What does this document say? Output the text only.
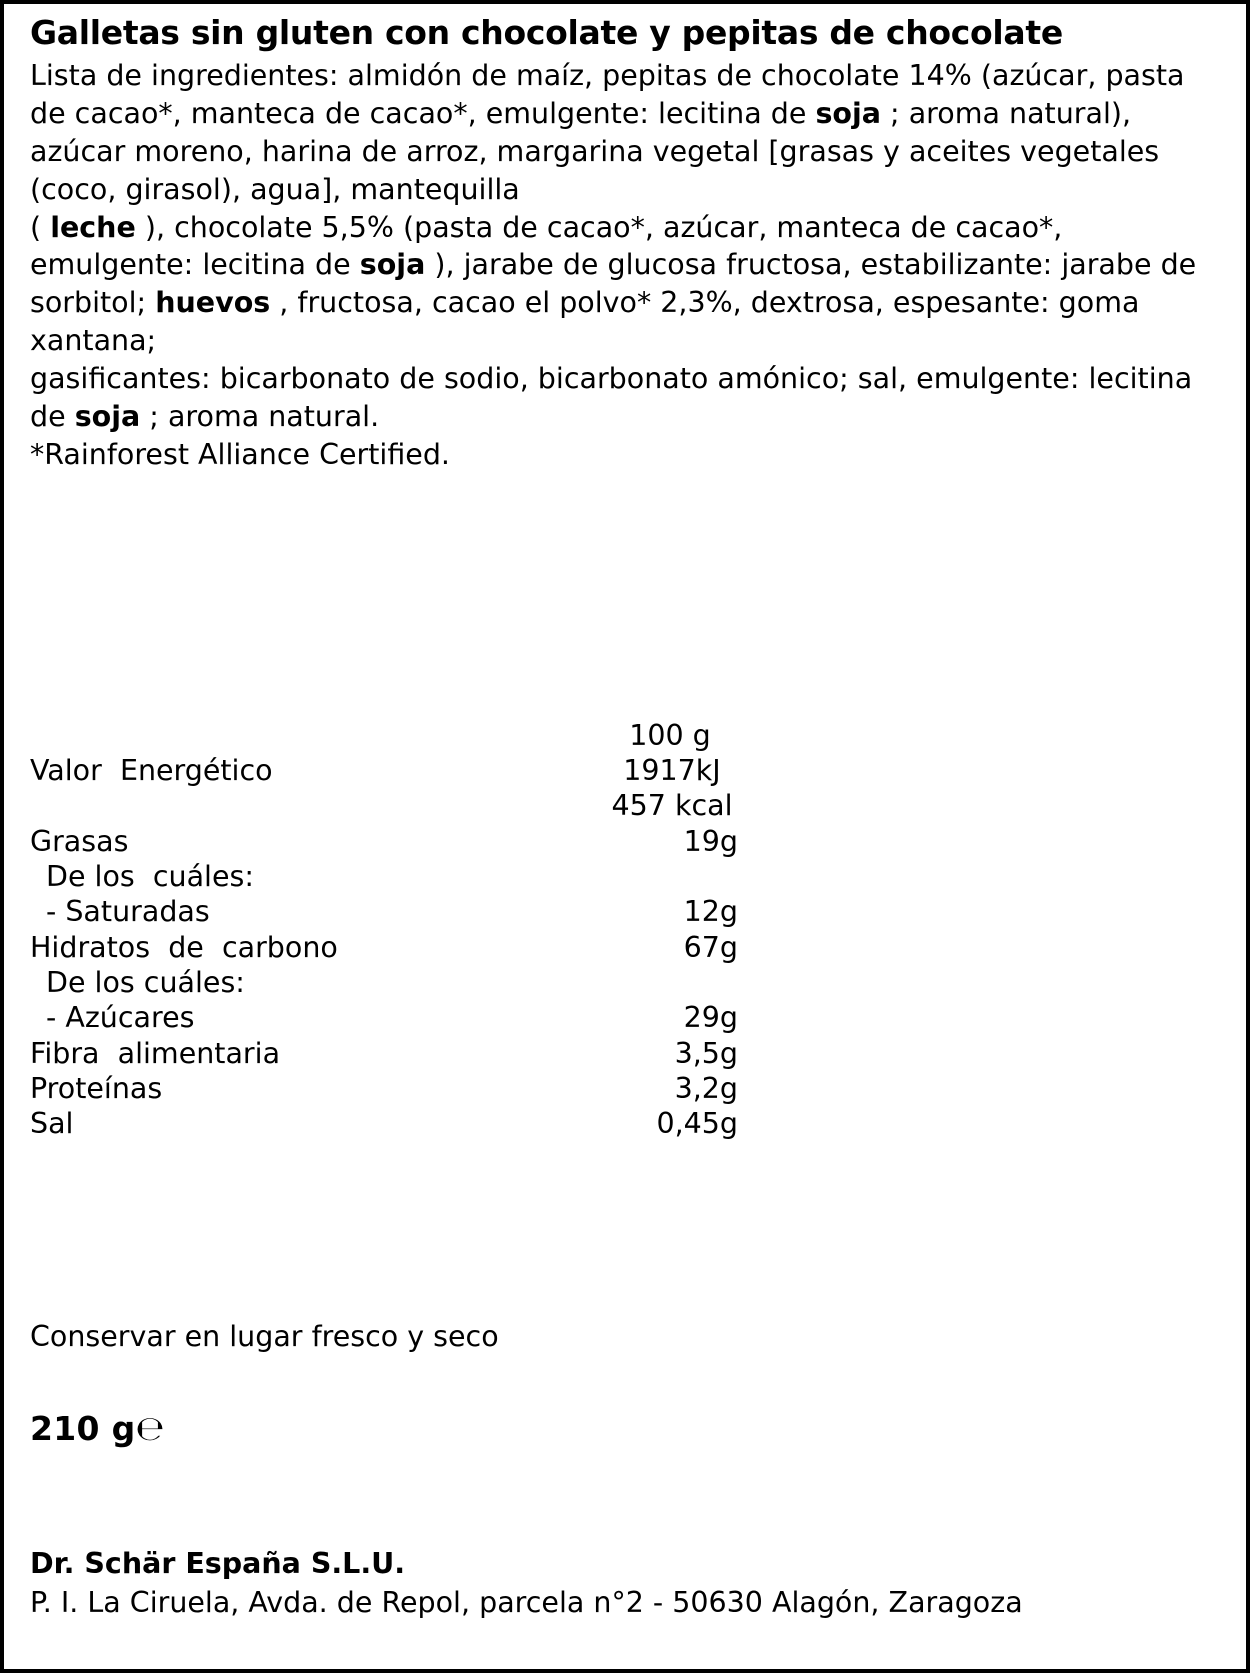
Galletas sin gluten con chocolate y pepitas de chocolate

Lista de ingredientes: almidón de maíz, pepitas de chocolate 14% (azúcar, pasta de cacao*, manteca de cacao*, emulgente: lecitina de soja ; aroma natural), azúcar moreno, harina de arroz, margarina vegetal [grasas y aceites vegetales (coco, girasol), agua], mantequilla

( leche ), chocolate 5,5% (pasta de cacao*, azúcar, manteca de cacao*, emulgente: lecitina de soja ), jarabe de glucosa fructosa, estabilizante: jarabe de sorbitol; huevos , fructosa, cacao el polvo* 2,3%, dextrosa, espesante: goma xantana;

gasificantes: bicarbonato de sodio, bicarbonato amónico; sal, emulgente: lecitina de soja ; aroma natural.

*Rainforest Alliance Certified.

100 g
Valor  Energético	1917kJ
457 kcal
Grasas	19g
De los  cuáles:
- Saturadas	12g
Hidratos  de  carbono	67g
De los cuáles:
- Azúcares	29g
Fibra  alimentaria	3,5g
Proteínas	3,2g
Sal	0,45g
Conservar en lugar fresco y seco
210 g℮
Dr. Schär España S.L.U.
P. I. La Ciruela, Avda. de Repol, parcela n°2 - 50630 Alagón, Zaragoza
